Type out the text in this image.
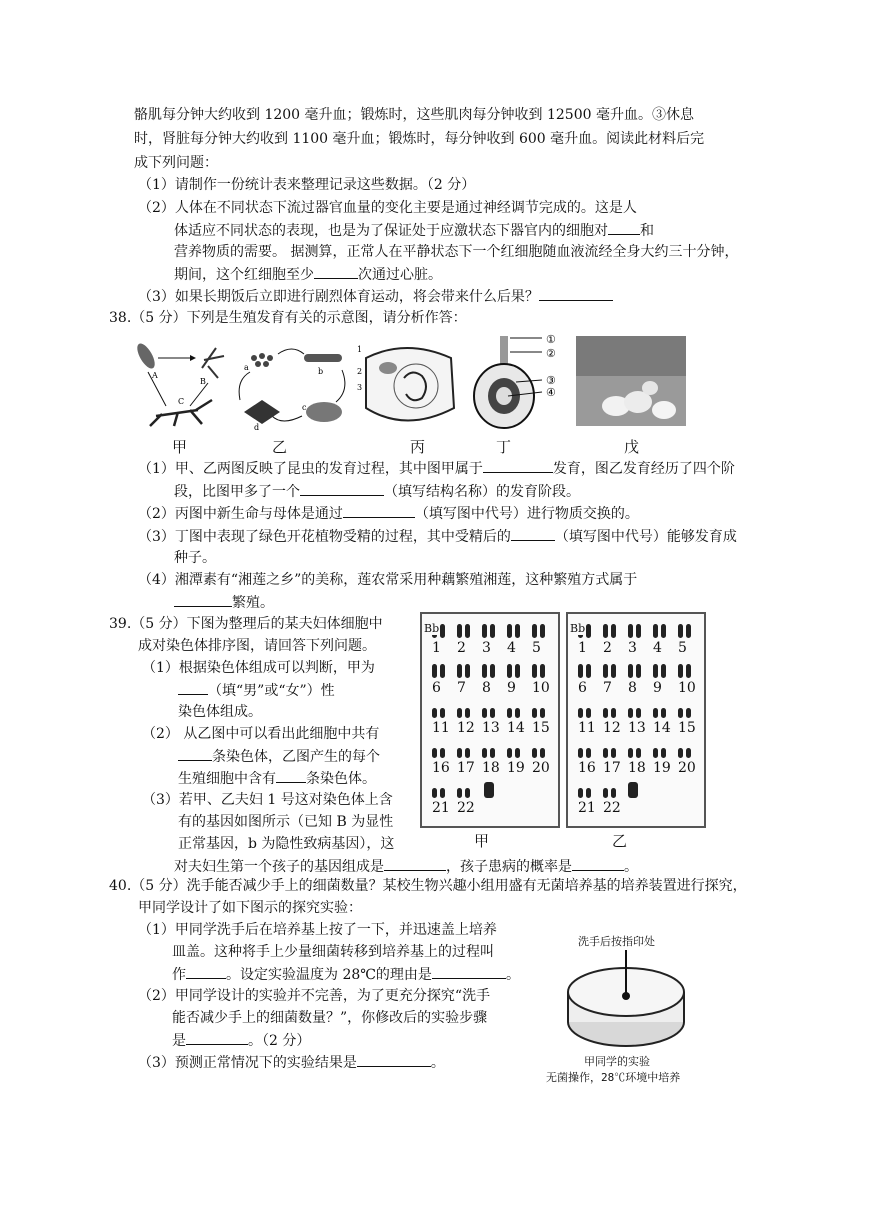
骼肌每分钟大约收到 1200 毫升血；锻炼时，这些肌肉每分钟收到 12500 毫升血。③休息
时，肾脏每分钟大约收到 1100 毫升血；锻炼时，每分钟收到 600 毫升血。阅读此材料后完
成下列问题：
（1）请制作一份统计表来整理记录这些数据。（2 分）
（2）人体在不同状态下流过器官血量的变化主要是通过神经调节完成的。这是人
体适应不同状态的表现，也是为了保证处于应激状态下器官内的细胞对 和
营养物质的需要。 据测算，正常人在平静状态下一个红细胞随血液流经全身大约三十分钟，
期间，这个红细胞至少	次通过心脏。
（3）如果长期饭后立即进行剧烈体育运动，将会带来什么后果？
38.（5 分）下列是生殖发育有关的示意图，请分析作答：
A
B
C
a	b
c
d
1
2
3
①
②
③
④
甲	乙	丙	丁	戊
（1）甲、乙两图反映了昆虫的发育过程，其中图甲属于	发育，图乙发育经历了四个阶
段，比图甲多了一个	（填写结构名称）的发育阶段。
（2）丙图中新生命与母体是通过	（填写图中代号）进行物质交换的。
（3）丁图中表现了绿色开花植物受精的过程，其中受精后的	（填写图中代号）能够发育成
种子。
（4）湘潭素有“湘莲之乡”的美称，莲农常采用种藕繁殖湘莲，这种繁殖方式属于
繁殖。
39.（5 分）下图为整理后的某夫妇体细胞中
成对染色体排序图，请回答下列问题。
（1）根据染色体组成可以判断，甲为
（填“男”或“女”）性
染色体组成。
（2） 从乙图中可以看出此细胞中共有
条染色体，乙图产生的每个
生殖细胞中含有 条染色体。
（3）若甲、乙夫妇 1 号这对染色体上含
有的基因如图所示（已知 B 为显性
正常基因，b 为隐性致病基因），这
对夫妇生第一个孩子的基因组成是	，孩子患病的概率是	。
1 2 3 4 5
6 7 8 9 10
11 12 13 14 15
16 17 18 19 20
21 22
Bb
1 2 3 4 5
6 7 8 9 10
11 12 13 14 15
16 17 18 19 20
21 22
Bb
甲	乙
40.（5 分）洗手能否减少手上的细菌数量？某校生物兴趣小组用盛有无菌培养基的培养装置进行探究，
甲同学设计了如下图示的探究实验：
（1）甲同学洗手后在培养基上按了一下，并迅速盖上培养
皿盖。这种将手上少量细菌转移到培养基上的过程叫
作	。设定实验温度为 28℃的理由是	。
（2）甲同学设计的实验并不完善，为了更充分探究“洗手
能否减少手上的细菌数量？”，你修改后的实验步骤
是	。（2 分）
（3）预测正常情况下的实验结果是	。
洗手后按指印处
甲同学的实验
无菌操作，28℃环境中培养
